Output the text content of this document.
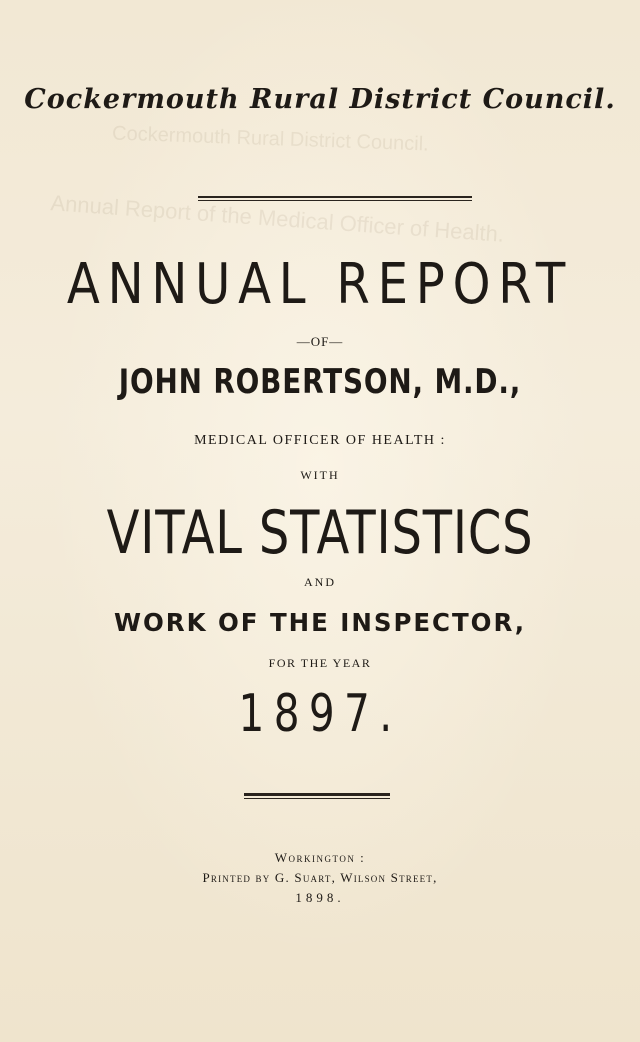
Cockermouth Rural District Council.
Annual Report of the Medical Officer of Health.
Cockermouth Rural District Council.
ANNUAL REPORT
—OF—
JOHN ROBERTSON, M.D.,
MEDICAL OFFICER OF HEALTH :
WITH
VITAL STATISTICS
AND
WORK OF THE INSPECTOR,
FOR THE YEAR
1897.
Workington :
Printed by G. Suart, Wilson Street,
1898.
